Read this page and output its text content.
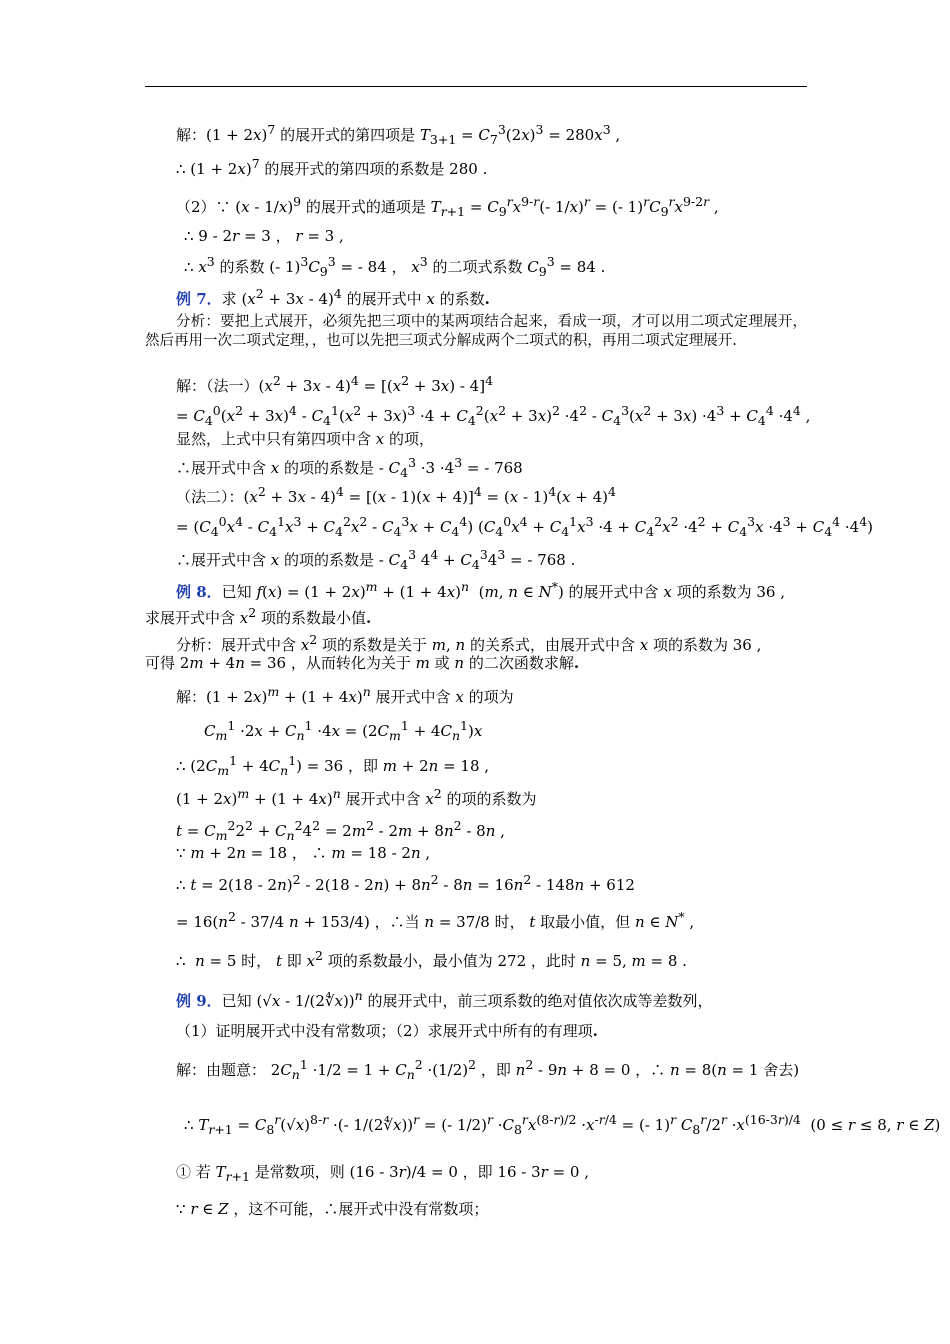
解：$(1 + 2x)^7$ 的展开式的第四项是 $T_{3+1} = C_7^3(2x)^3 = 280x^3$ ,
∴ $(1 + 2x)^7$ 的展开式的第四项的系数是 280 .
（2）∵ (x - 1/x)$^9$ 的展开式的通项是 $T_{r+1} = C_9^rx^{9-r}(-$ 1/x)$^r$ = (- $1)^rC_9^rx^{9-2r}$ ,
∴ 9 - 2r = 3 ， r = 3 ,
∴ $x^3$ 的系数 (- $1)^3C_9^3$ = - 84 ， $x^3$ 的二项式系数 $C_9^3 = 84$ .
例 7．求 $(x^2 + 3x - 4)^4$ 的展开式中 x 的系数.
解：（法一）$(x^2 + 3x - 4)^4 = [(x^2 + 3x) - 4]^4$
= $C_4^0(x^2 + 3x)^4 - C_4^1(x^2 + 3x)^3 \cdot 4 + C_4^2(x^2 + 3x)^2 \cdot 4^2 - C_4^3(x^2 + 3x) \cdot 4^3 + C_4^4 \cdot 4^4$ ,
显然，上式中只有第四项中含 x 的项，
∴展开式中含 x 的项的系数是 - $C_4^3 \cdot 3 \cdot 4^3$ = - 768
（法二）：$(x^2 + 3x - 4)^4 = [(x - 1)(x + 4)]^4 = (x - 1)^4(x + 4)^4$
= $(C_4^0x^4 - C_4^1x^3 + C_4^2x^2 - C_4^3x + C_4^4) (C_4^0x^4 + C_4^1x^3 \cdot 4 + C_4^2x^2 \cdot 4^2 + C_4^3x \cdot 4^3 + C_4^4 \cdot 4^4)$
∴展开式中含 x 的项的系数是 - $C_4^3$ $4^4 + C_4^34^3$ = - 768 .
例 8．已知 $f(x) = (1 + 2x)^m + (1 + 4x)^n$  (m, n ∈ N*) 的展开式中含 x 项的系数为 36 ,
求展开式中含 $x^2$ 项的系数最小值.
分析：展开式中含 $x^2$ 项的系数是关于 m, n 的关系式，由展开式中含 x 项的系数为 36 ,
可得 2m + 4n = 36 ，从而转化为关于 m 或 n 的二次函数求解.
解：$(1 + 2x)^m + (1 + 4x)^n$ 展开式中含 x 的项为
$C_m^1 \cdot 2x + C_n^1 \cdot 4x = (2C_m^1 + 4C_n^1)x$
∴ $(2C_m^1 + 4C_n^1) = 36$ ，即 m + 2n = 18 ,
$(1 + 2x)^m + (1 + 4x)^n$ 展开式中含 $x^2$ 的项的系数为
$t = C_m^22^2 + C_n^24^2 = 2m^2 - 2m + 8n^2 - 8n$ ,
∵ m + 2n = 18 ， ∴ m = 18 - 2n ,
∴ $t = 2(18 - 2n)^2 - 2(18 - 2n) + 8n^2 - 8n = 16n^2 - 148n + 612$
= $16(n^2 - 37/4$ n + 153/4) ，∴当 n = 37/8 时， t 取最小值，但 n ∈ N* ,
∴  n = 5 时， t 即 $x^2$ 项的系数最小，最小值为 272 ，此时 n = 5, m = 8 .
例 9．已知 (√x - 1/(2∜x))$^n$ 的展开式中，前三项系数的绝对值依次成等差数列，
（1）证明展开式中没有常数项；（2）求展开式中所有的有理项.
解：由题意： $2C_n^1 \cdot 1/2 = 1 + C_n^2 \cdot(1/2)^2$ ，即 $n^2 - 9n + 8 = 0$ ，∴ n = 8(n = 1 舍去)
∴ $T_{r+1} = C_8^r(√x)^{8-r}$ ·(- 1/(2∜x))$^r$ = (- $1/2)^r \cdot C_8^rx^{(8-r)/2} \cdot x^{-r/4}$ = (- 1)$^r$ $C_8^r/2^r \cdot x^{(16-3r)/4}$  (0 ≤ r ≤ 8, r ∈ Z)
① 若 $T_{r+1}$ 是常数项，则 (16 - 3r)/4 = 0 ，即 16 - 3r = 0 ,
∵ r ∈ Z ，这不可能，∴展开式中没有常数项；
分析：要把上式展开，必须先把三项中的某两项结合起来，看成一项，才可以用二项式定理展开，然后再用一次二项式定理，，也可以先把三项式分解成两个二项式的积，再用二项式定理展开.
